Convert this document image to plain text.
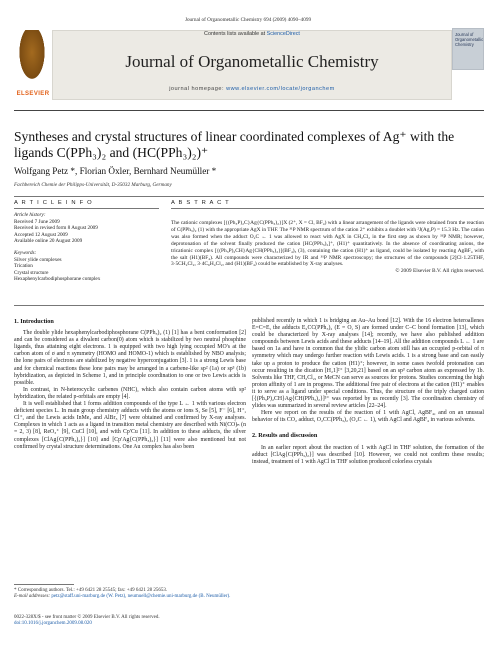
Journal of Organometallic Chemistry 694 (2009) 4090–4099
ELSEVIER
Contents lists available at ScienceDirect
Journal of Organometallic Chemistry
journal homepage: www.elsevier.com/locate/jorganchem
Journal of Organometallic Chemistry
Syntheses and crystal structures of linear coordinated complexes of Ag⁺ with the ligands C(PPh₃)₂ and (HC(PPh₃)₂)⁺
Wolfgang Petz *, Florian Öxler, Bernhard Neumüller *
Fachbereich Chemie der Philipps-Universität, D-35032 Marburg, Germany
A R T I C L E I N F O
Article history:
Received 7 June 2009
Received in revised form 8 August 2009
Accepted 12 August 2009
Available online 20 August 2009
Keywords:
Silver ylide complexes
Trication
Crystal structure
Hexaphenylcarbodiphosphorane complex
A B S T R A C T
The cationic complexes [{(Ph₃P)₂C}Ag{C(PPh₃)₂}]X (2⁺, X = Cl, BF₄) with a linear arrangement of the ligands were obtained from the reaction of C(PPh₃)₂ (1) with the appropriate AgX in THF. The ³¹P NMR spectrum of the cation 2⁺ exhibits a doublet with ²J(Ag,P) = 15.3 Hz. The cation was also formed when the adduct O₂C ← 1 was allowed to react with AgX in CH₂Cl₂ in the first step as shown by ³¹P NMR; however, deprotonation of the solvent finally produced the cation [HC(PPh₃)₂]⁺, (H1)⁺ quantitatively. In the absence of coordinating anions, the tricationic complex [{(Ph₃P)₂CH}Ag{CH(PPh₃)₂}](BF₄)₃ (3), containing the cation (H1)⁺ as ligand, could be isolated by reacting AgBF₄ with the salt (H1)(BF₄). All compounds were characterized by IR and ³¹P NMR spectroscopy; the structures of the compounds [2]Cl·1.25THF, 3·5CH₂Cl₂, 3·4C₆H₄Cl₂, and (H1)(BF₄) could be established by X-ray analyses.
© 2009 Elsevier B.V. All rights reserved.
1. Introduction

The double ylide hexaphenylcarbodiphosphorane C(PPh₃)₂ (1) [1] has a bent conformation [2] and can be considered as a divalent carbon(0) atom which is stabilized by two neutral phosphine ligands, thus attaining eight electrons. 1 is equipped with two high lying occupied MO's at the carbon atom of σ and π symmetry (HOMO and HOMO-1) which is established by NBO analysis; the lone pairs of electrons are stabilized by negative hyperconjugation [3]. 1 is a strong Lewis base and for chemical reactions these lone pairs may be arranged in a carbene-like sp² (1a) or sp³ (1b) hybridization, as depicted in Scheme 1, and in principle coordination to one or two Lewis acids is possible.

In contrast, in N-heterocyclic carbenes (NHC), which also contain carbon atoms with sp² hybridization, the related p-orbitals are empty [4].

It is well established that 1 forms addition compounds of the type L ← 1 with various electron deficient species L. In main group chemistry adducts with the atoms or ions S, Se [5], F⁻ [6], H⁺, Cl⁺, and the Lewis acids InMe₃ and AlBr₃ [7] were obtained and confirmed by X-ray analyses. Complexes in which 1 acts as a ligand in transition metal chemistry are described with Ni(CO)ₙ (n = 2, 3) [8], ReO₃⁺ [9], CuCl [10], and with Cp′Cu [11]. In addition to these adducts, the silver complexes [ClAg{C(PPh₃)₂}] [10] and [Cp′Ag{C(PPh₃)₂}] [11] were also mentioned but not confirmed by crystal structure determinations. One Au complex has also been

published recently in which 1 is bridging an Au–Au bond [12]. With the 16 electron heteroallenes E=C=E, the adducts E₂CC(PPh₃)₂ (E = O, S) are formed under C–C bond formation [13], which could be characterized by X-ray analyses [14]; recently, we have also published addition compounds between Lewis acids and these adducts [14–19]. All the addition compounds L ← 1 are based on 1a and have in common that the ylidic carbon atom still has an occupied p-orbital of π symmetry which may undergo further reaction with Lewis acids. 1 is a strong base and can easily take up a proton to produce the cation (H1)⁺; however, in some cases twofold protonation can occur resulting in the dication [H₂1]²⁺ [3,20,21] based on an sp³ carbon atom as expressed by 1b. Solvents like THF, CH₂Cl₂, or MeCN can serve as sources for protons. Studies concerning the high proton affinity of 1 are in progress. The additional free pair of electrons at the cation (H1)⁺ enables it to serve as a ligand under special conditions. Thus, the structure of the triply charged cation [{(Ph₃P)₂CH}Ag{CH(PPh₃)₂}]³⁺ was reported by us recently [3]. The coordination chemistry of ylides was summarized in several review articles [22–24].

Here we report on the results of the reaction of 1 with AgCl, AgBF₄, and on an unusual behavior of its CO₂ adduct, O₂CC(PPh₃)₂ (O₂C ← 1), with AgCl and AgBF₄ in various solvents.

2. Results and discussion

In an earlier report about the reaction of 1 with AgCl in THF solution, the formation of the adduct [ClAg{C(PPh₃)₂}] was described [10]. However, we could not confirm these results; instead, treatment of 1 with AgCl in THF solution produced colorless crystals

* Corresponding authors. Tel.: +49 6421 28 25545; fax: +49 6421 28 25653.
E-mail addresses: petz@staff.uni-marburg.de (W. Petz), neumuell@chemie.uni-marburg.de (B. Neumüller).
0022-328X/$ - see front matter © 2009 Elsevier B.V. All rights reserved.
doi:10.1016/j.jorganchem.2009.08.020
